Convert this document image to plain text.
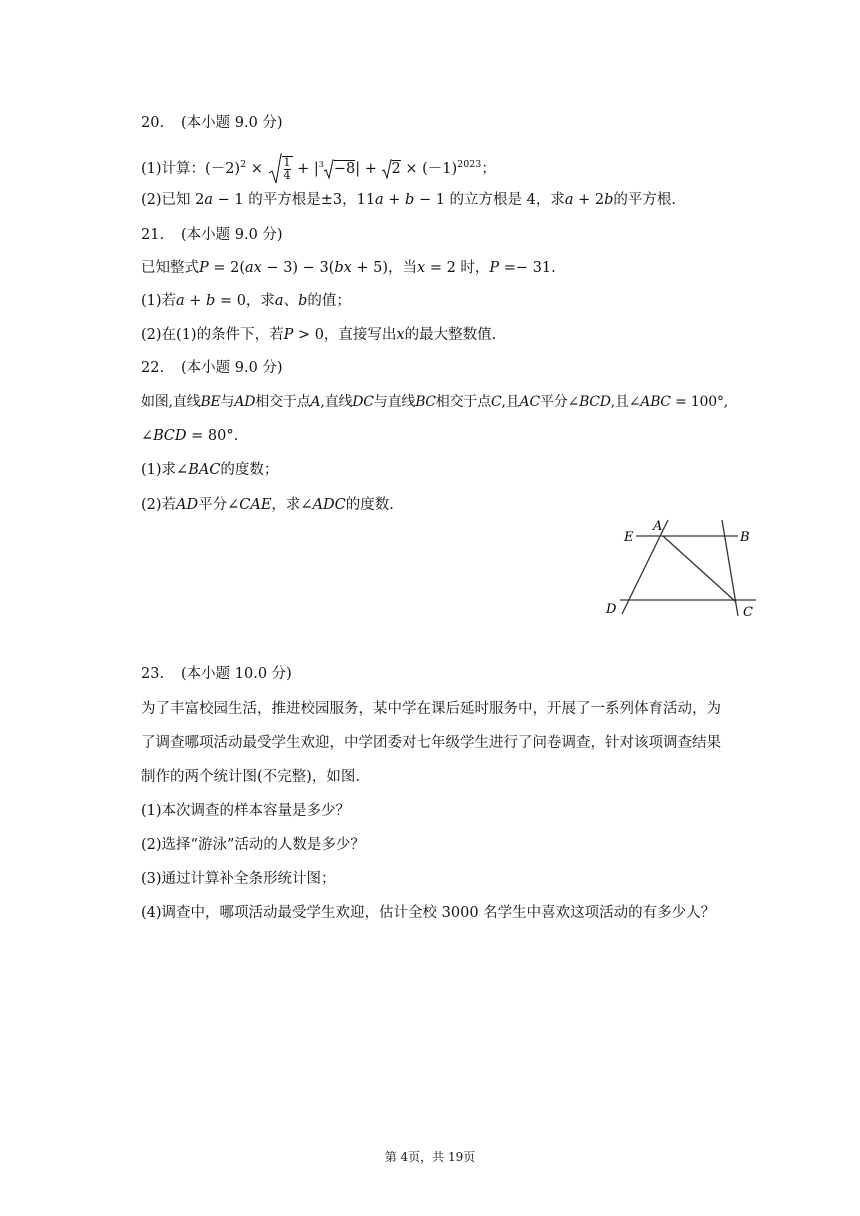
20. (本小题 9.0 分)
(1)计算：$(-2)^2 \times \frac{1}{4} + |^3 -8| + 2 \times (-1)^{2023}$；
(2)已知 2𝑎 − 1 的平方根是±3，11𝑎 + 𝑏 − 1 的立方根是 4，求𝑎 + 2𝑏的平方根.
21. (本小题 9.0 分)
已知整式𝑃 = 2(𝑎𝑥 − 3) − 3(𝑏𝑥 + 5)，当𝑥 = 2 时，𝑃 =− 31.
(1)若𝑎 + 𝑏 = 0，求𝑎、𝑏的值；
(2)在(1)的条件下，若𝑃 > 0，直接写出𝑥的最大整数值.
22. (本小题 9.0 分)
如图,直线𝐵𝐸与𝐴𝐷相交于点𝐴,直线𝐷𝐶与直线𝐵𝐶相交于点𝐶,且𝐴𝐶平分∠𝐵𝐶𝐷,且∠𝐴𝐵𝐶 = 100°,
∠𝐵𝐶𝐷 = 80°.
(1)求∠𝐵𝐴𝐶的度数；
(2)若𝐴𝐷平分∠𝐶𝐴𝐸，求∠𝐴𝐷𝐶的度数.
E
A
B
D	C
23. (本小题 10.0 分)
为了丰富校园生活，推进校园服务，某中学在课后延时服务中，开展了一系列体育活动，为
了调查哪项活动最受学生欢迎，中学团委对七年级学生进行了问卷调查，针对该项调查结果
制作的两个统计图(不完整)，如图.
(1)本次调查的样本容量是多少？
(2)选择“游泳”活动的人数是多少？
(3)通过计算补全条形统计图；
(4)调查中，哪项活动最受学生欢迎，估计全校 3000 名学生中喜欢这项活动的有多少人？
第 4页，共 19页
